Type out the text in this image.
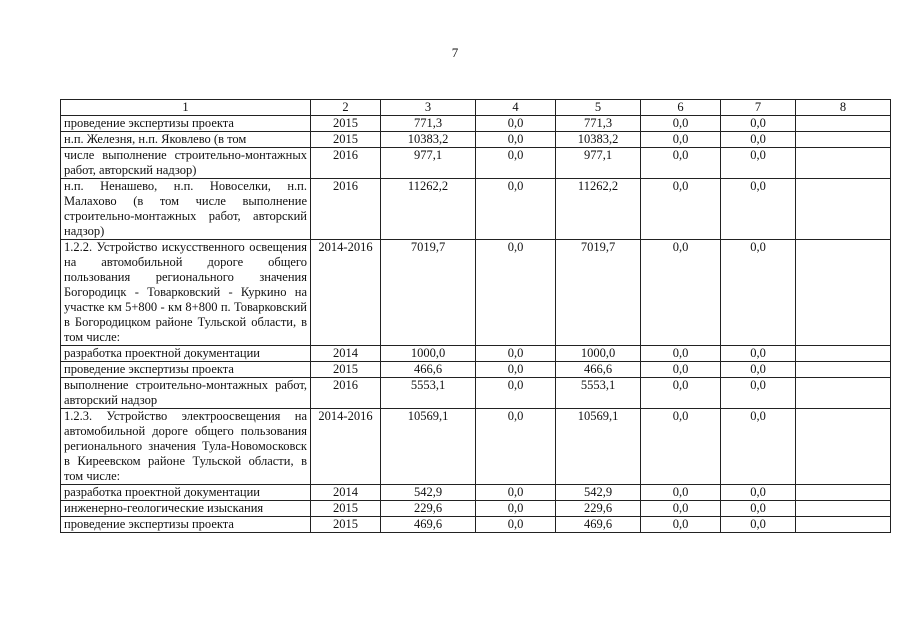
7
1	2	3	4	5	6	7	8
проведение экспертизы проекта	2015	771,3	0,0	771,3	0,0	0,0	
н.п. Железня, н.п. Яковлево (в том	2015	10383,2	0,0	10383,2	0,0	0,0	
числе выполнение строительно-монтажных работ, авторский надзор)	2016	977,1	0,0	977,1	0,0	0,0	
н.п. Ненашево, н.п. Новоселки, н.п. Малахово (в том числе выполнение строительно-монтажных работ, авторский надзор)	2016	11262,2	0,0	11262,2	0,0	0,0	
1.2.2. Устройство искусственного освещения на автомобильной дороге общего пользования регионального значения Богородицк - Товарковский - Куркино на участке км 5+800 - км 8+800 п. Товарковский в Богородицком районе Тульской области, в том числе:	2014-2016	7019,7	0,0	7019,7	0,0	0,0	
разработка проектной документации	2014	1000,0	0,0	1000,0	0,0	0,0	
проведение экспертизы проекта	2015	466,6	0,0	466,6	0,0	0,0	
выполнение строительно-монтажных работ, авторский надзор	2016	5553,1	0,0	5553,1	0,0	0,0	
1.2.3. Устройство электроосвещения на автомобильной дороге общего пользования регионального значения Тула-Новомосковск в Киреевском районе Тульской области, в том числе:	2014-2016	10569,1	0,0	10569,1	0,0	0,0	
разработка проектной документации	2014	542,9	0,0	542,9	0,0	0,0	
инженерно-геологические изыскания	2015	229,6	0,0	229,6	0,0	0,0	
проведение экспертизы проекта	2015	469,6	0,0	469,6	0,0	0,0	
